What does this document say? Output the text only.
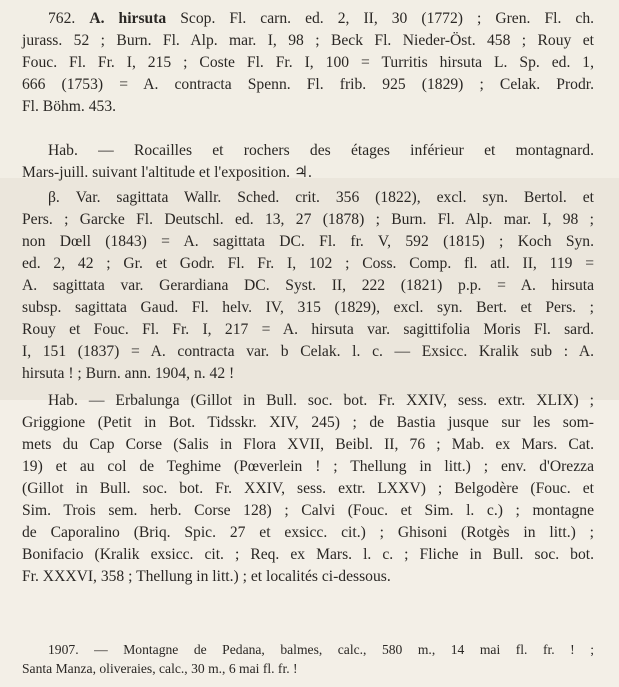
762. A. hirsuta Scop. Fl. carn. ed. 2, II, 30 (1772) ; Gren. Fl. ch.
jurass. 52 ; Burn. Fl. Alp. mar. I, 98 ; Beck Fl. Nieder-Öst. 458 ; Rouy et
Fouc. Fl. Fr. I, 215 ; Coste Fl. Fr. I, 100 = Turritis hirsuta L. Sp. ed. 1,
666 (1753) = A. contracta Spenn. Fl. frib. 925 (1829) ; Celak. Prodr.
Fl. Böhm. 453.

Hab. — Rocailles et rochers des étages inférieur et montagnard.
Mars-juill. suivant l'altitude et l'exposition. ♃.

β. Var. sagittata Wallr. Sched. crit. 356 (1822), excl. syn. Bertol. et
Pers. ; Garcke Fl. Deutschl. ed. 13, 27 (1878) ; Burn. Fl. Alp. mar. I, 98 ;
non Dœll (1843) = A. sagittata DC. Fl. fr. V, 592 (1815) ; Koch Syn.
ed. 2, 42 ; Gr. et Godr. Fl. Fr. I, 102 ; Coss. Comp. fl. atl. II, 119 =
A. sagittata var. Gerardiana DC. Syst. II, 222 (1821) p.p. = A. hirsuta
subsp. sagittata Gaud. Fl. helv. IV, 315 (1829), excl. syn. Bert. et Pers. ;
Rouy et Fouc. Fl. Fr. I, 217 = A. hirsuta var. sagittifolia Moris Fl. sard.
I, 151 (1837) = A. contracta var. b Celak. l. c. — Exsicc. Kralik sub : A.
hirsuta ! ; Burn. ann. 1904, n. 42 !

Hab. — Erbalunga (Gillot in Bull. soc. bot. Fr. XXIV, sess. extr. XLIX) ;
Griggione (Petit in Bot. Tidsskr. XIV, 245) ; de Bastia jusque sur les som-
mets du Cap Corse (Salis in Flora XVII, Beibl. II, 76 ; Mab. ex Mars. Cat.
19) et au col de Teghime (Pœverlein ! ; Thellung in litt.) ; env. d'Orezza
(Gillot in Bull. soc. bot. Fr. XXIV, sess. extr. LXXV) ; Belgodère (Fouc. et
Sim. Trois sem. herb. Corse 128) ; Calvi (Fouc. et Sim. l. c.) ; montagne
de Caporalino (Briq. Spic. 27 et exsicc. cit.) ; Ghisoni (Rotgès in litt.) ;
Bonifacio (Kralik exsicc. cit. ; Req. ex Mars. l. c. ; Fliche in Bull. soc. bot.
Fr. XXXVI, 358 ; Thellung in litt.) ; et localités ci-dessous.

1907. — Montagne de Pedana, balmes, calc., 580 m., 14 mai fl. fr. ! ;
Santa Manza, oliveraies, calc., 30 m., 6 mai fl. fr. !
